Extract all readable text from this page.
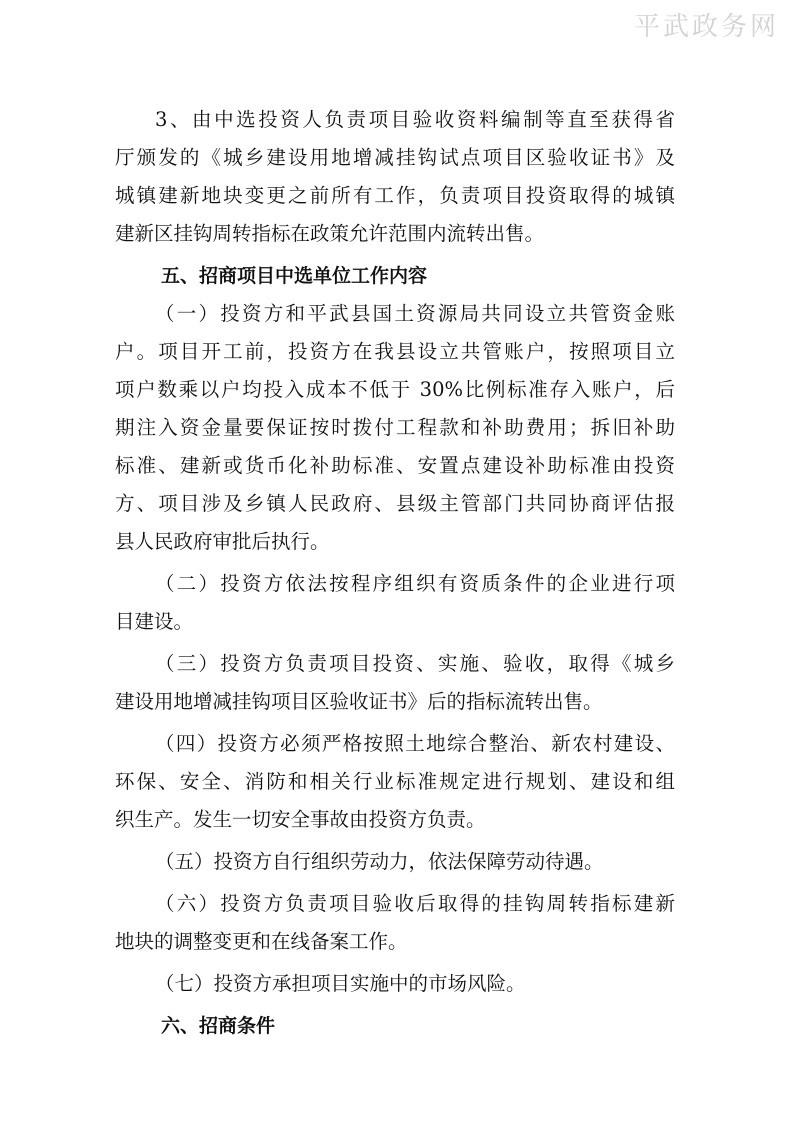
平武政务网
3、由中选投资人负责项目验收资料编制等直至获得省
厅颁发的《城乡建设用地增减挂钩试点项目区验收证书》及
城镇建新地块变更之前所有工作，负责项目投资取得的城镇
建新区挂钩周转指标在政策允许范围内流转出售。
五、招商项目中选单位工作内容
（一）投资方和平武县国土资源局共同设立共管资金账
户。项目开工前，投资方在我县设立共管账户，按照项目立
项户数乘以户均投入成本不低于 30%比例标准存入账户，后
期注入资金量要保证按时拨付工程款和补助费用；拆旧补助
标准、建新或货币化补助标准、安置点建设补助标准由投资
方、项目涉及乡镇人民政府、县级主管部门共同协商评估报
县人民政府审批后执行。
（二）投资方依法按程序组织有资质条件的企业进行项
目建设。
（三）投资方负责项目投资、实施、验收，取得《城乡
建设用地增减挂钩项目区验收证书》后的指标流转出售。
（四）投资方必须严格按照土地综合整治、新农村建设、
环保、安全、消防和相关行业标准规定进行规划、建设和组
织生产。发生一切安全事故由投资方负责。
（五）投资方自行组织劳动力，依法保障劳动待遇。
（六）投资方负责项目验收后取得的挂钩周转指标建新
地块的调整变更和在线备案工作。
（七）投资方承担项目实施中的市场风险。
六、招商条件
